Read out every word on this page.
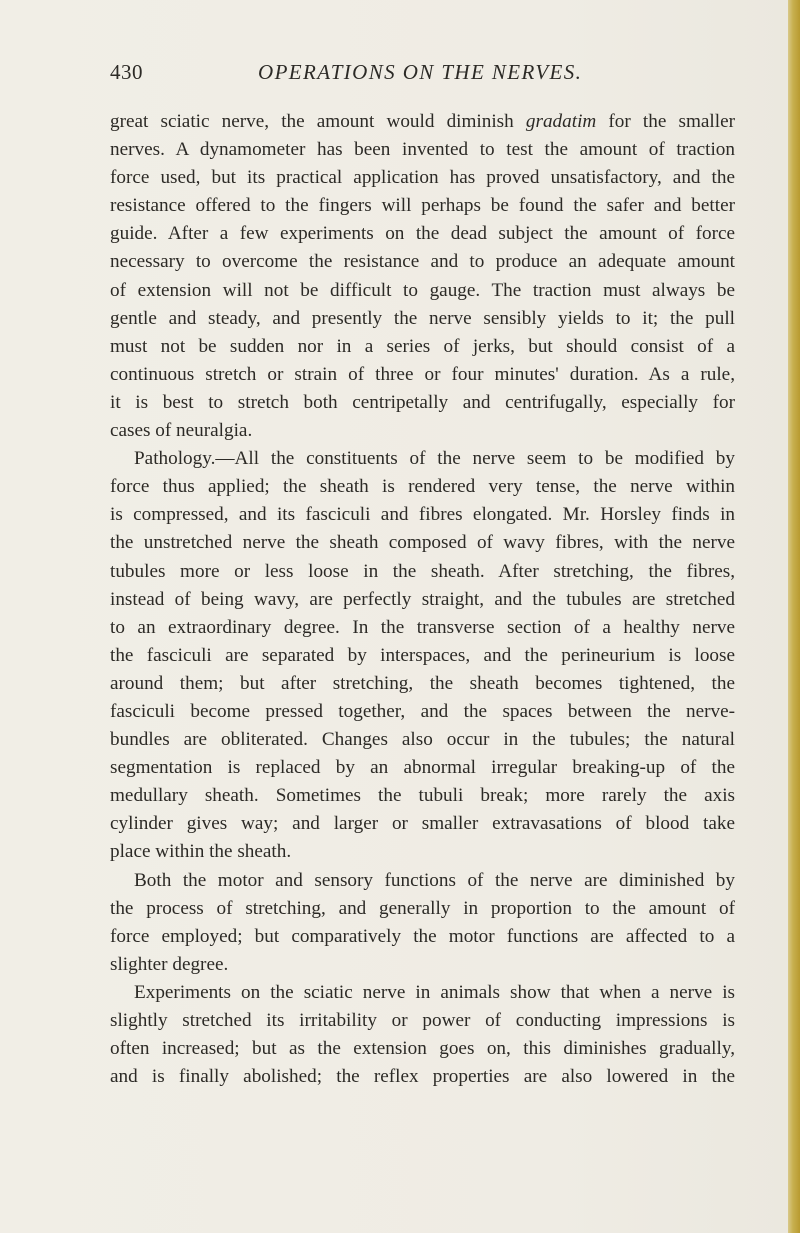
430	OPERATIONS ON THE NERVES.
great sciatic nerve, the amount would diminish gradatim for the smaller
nerves. A dynamometer has been invented to test the amount of traction
force used, but its practical application has proved unsatisfactory, and the
resistance offered to the fingers will perhaps be found the safer and better
guide. After a few experiments on the dead subject the amount of force
necessary to overcome the resistance and to produce an adequate amount
of extension will not be difficult to gauge. The traction must always be
gentle and steady, and presently the nerve sensibly yields to it; the pull
must not be sudden nor in a series of jerks, but should consist of a
continuous stretch or strain of three or four minutes' duration. As a rule,
it is best to stretch both centripetally and centrifugally, especially for
cases of neuralgia.
Pathology.—All the constituents of the nerve seem to be modified by
force thus applied; the sheath is rendered very tense, the nerve within
is compressed, and its fasciculi and fibres elongated. Mr. Horsley finds in
the unstretched nerve the sheath composed of wavy fibres, with the nerve
tubules more or less loose in the sheath. After stretching, the fibres,
instead of being wavy, are perfectly straight, and the tubules are stretched
to an extraordinary degree. In the transverse section of a healthy nerve
the fasciculi are separated by interspaces, and the perineurium is loose
around them; but after stretching, the sheath becomes tightened, the
fasciculi become pressed together, and the spaces between the nerve-
bundles are obliterated. Changes also occur in the tubules; the natural
segmentation is replaced by an abnormal irregular breaking-up of the
medullary sheath. Sometimes the tubuli break; more rarely the axis
cylinder gives way; and larger or smaller extravasations of blood take
place within the sheath.
Both the motor and sensory functions of the nerve are diminished by
the process of stretching, and generally in proportion to the amount of
force employed; but comparatively the motor functions are affected to a
slighter degree.
Experiments on the sciatic nerve in animals show that when a nerve is
slightly stretched its irritability or power of conducting impressions is
often increased; but as the extension goes on, this diminishes gradually,
and is finally abolished; the reflex properties are also lowered in the
